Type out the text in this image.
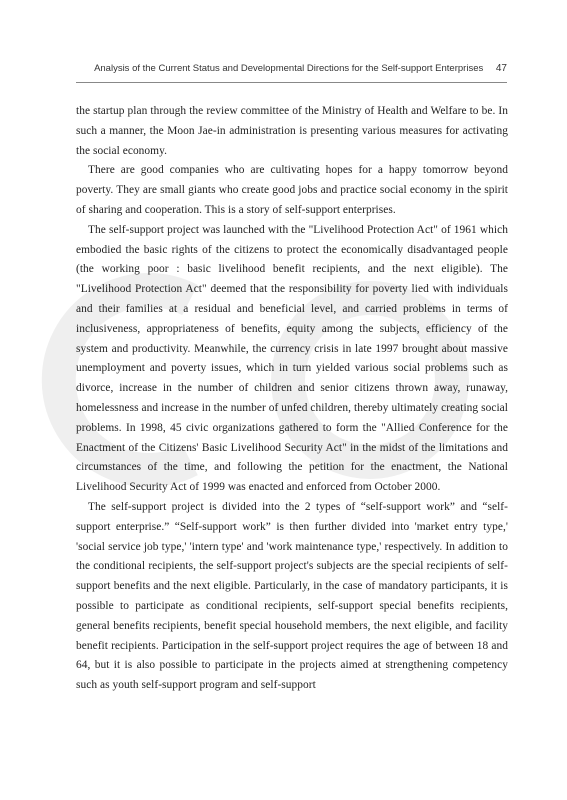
Analysis of the Current Status and Developmental Directions for the Self-support Enterprises 47

the startup plan through the review committee of the Ministry of Health and Welfare to be. In such a manner, the Moon Jae-in administration is presenting various measures for activating the social economy.

There are good companies who are cultivating hopes for a happy tomorrow beyond poverty. They are small giants who create good jobs and practice social economy in the spirit of sharing and cooperation. This is a story of self-support enterprises.

The self-support project was launched with the "Livelihood Protection Act" of 1961 which embodied the basic rights of the citizens to protect the economically disadvantaged people (the working poor : basic livelihood benefit recipients, and the next eligible). The "Livelihood Protection Act" deemed that the responsibility for poverty lied with individuals and their families at a residual and beneficial level, and carried problems in terms of inclusiveness, appropriateness of benefits, equity among the subjects, efficiency of the system and productivity. Meanwhile, the currency crisis in late 1997 brought about massive unemployment and poverty issues, which in turn yielded various social problems such as divorce, increase in the number of children and senior citizens thrown away, runaway, homelessness and increase in the number of unfed children, thereby ultimately creating social problems. In 1998, 45 civic organizations gathered to form the "Allied Conference for the Enactment of the Citizens' Basic Livelihood Security Act" in the midst of the limitations and circumstances of the time, and following the petition for the enactment, the National Livelihood Security Act of 1999 was enacted and enforced from October 2000.

The self-support project is divided into the 2 types of “self-support work” and “self-support enterprise.” “Self-support work” is then further divided into 'market entry type,' 'social service job type,' 'intern type' and 'work maintenance type,' respectively. In addition to the conditional recipients, the self-support project's subjects are the special recipients of self-support benefits and the next eligible. Particularly, in the case of mandatory participants, it is possible to participate as conditional recipients, self-support special benefits recipients, general benefits recipients, benefit special household members, the next eligible, and facility benefit recipients. Participation in the self-support project requires the age of between 18 and 64, but it is also possible to participate in the projects aimed at strengthening competency such as youth self-support program and self-support
